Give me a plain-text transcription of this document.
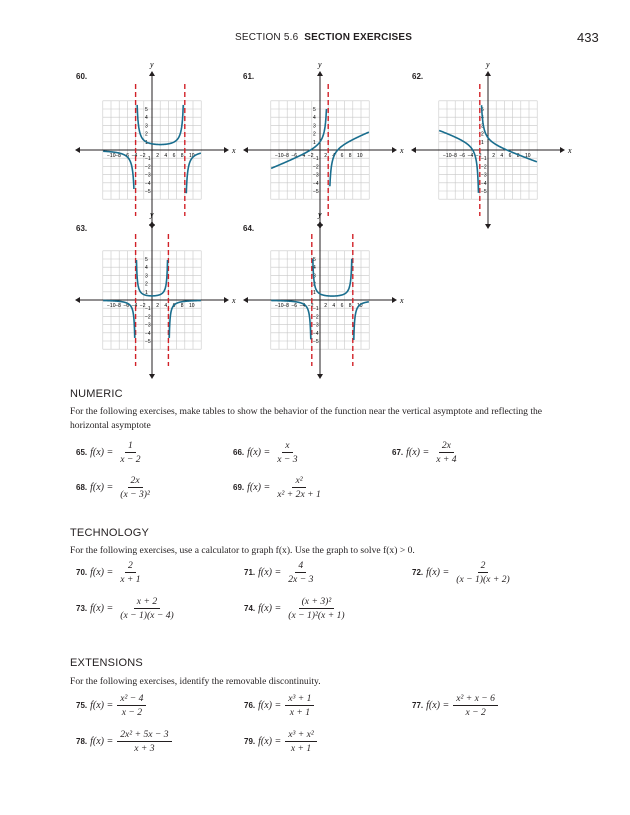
SECTION 5.6 SECTION EXERCISES	433
x
y
−10 −8 −6 −4 −2 2 4 6 8 10
1
2
3
4
5
−1
−2
−3
−4
−5
x
y
−10 −8 −6 −4 −2 2 4 6 8 10
1
2
3
4
5
−1
−2
−3
−4
−5
x
y
−10 −8 −6 −4 −2 2 4 6 8 10
1
2
3
4
5
−1
−2
−3
−4
−5
x
y
−10 −8 −6 −4 −2 2 4 6 8 10
1
2
3
4
5
−1
−2
−3
−4
−5
x
y
−10 −8 −6 −4 −2 2 4 6 8 10
1
2
3
4
5
−1
−2
−3
−4
−5
60.	61.	62.
63.	64.
NUMERIC
For the following exercises, make tables to show the behavior of the function near the vertical asymptote and reflecting the horizontal asymptote
65. $f(x) = \frac{1}{x - 2}$	66. $f(x) = \frac{x}{x - 3}$	67. $f(x) = \frac{2x}{x + 4}$
68. $f(x) = \frac{2x}{\text{(x − 3)²}}$	69. $f(x) = \frac{\text{x²}}{\text{x² + 2x + 1}}$
TECHNOLOGY
For the following exercises, use a calculator to graph f(x). Use the graph to solve f(x) > 0.
70. $f(x) = \frac{2}{x + 1}$	71. $f(x) = \frac{4}{2x - 3}$	72. $f(x) = \frac{2}{(x - 1)(x + 2)}$
73. $f(x) = \frac{x + 2}{(x - 1)(x - 4)}$	74. $f(x) = \frac{\text{(x + 3)²}}{\text{(x − 1)²(x + 1)}}$
EXTENSIONS
For the following exercises, identify the removable discontinuity.
75. $f(x) = \frac{\text{x² − 4}}{x - 2}$	76. $f(x) = \frac{\text{x³ + 1}}{x + 1}$	77. $f(x) = \frac{\text{x² + x − 6}}{x - 2}$
78. $f(x) = \frac{\text{2x² + 5x − 3}}{x + 3}$	79. $f(x) = \frac{\text{x³ + x²}}{x + 1}$
